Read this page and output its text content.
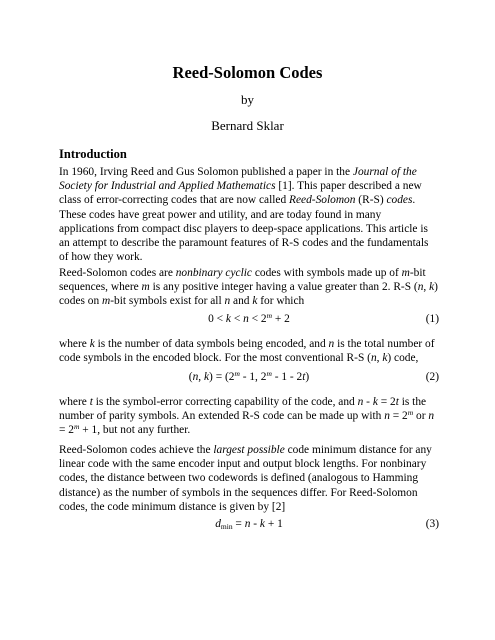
Reed-Solomon Codes
by
Bernard Sklar
Introduction
In 1960, Irving Reed and Gus Solomon published a paper in the Journal of the Society for Industrial and Applied Mathematics [1]. This paper described a new class of error-correcting codes that are now called Reed-Solomon (R-S) codes. These codes have great power and utility, and are today found in many applications from compact disc players to deep-space applications. This article is an attempt to describe the paramount features of R-S codes and the fundamentals of how they work.
Reed-Solomon codes are nonbinary cyclic codes with symbols made up of m-bit sequences, where m is any positive integer having a value greater than 2. R-S (n, k) codes on m-bit symbols exist for all n and k for which
$0 < k < n < 2^m + 2$	(1)
where k is the number of data symbols being encoded, and n is the total number of code symbols in the encoded block. For the most conventional R-S (n, k) code,
(n, $k) = (2^m - 1$, 2$^m$ - 1 - 2t)	(2)
where t is the symbol-error correcting capability of the code, and n - k = 2t is the number of parity symbols. An extended R-S code can be made up with $n = 2^m$ or $n = 2^m + 1$, but not any further.
Reed-Solomon codes achieve the largest possible code minimum distance for any linear code with the same encoder input and output block lengths. For nonbinary codes, the distance between two codewords is defined (analogous to Hamming distance) as the number of symbols in the sequences differ. For Reed-Solomon codes, the code minimum distance is given by [2]
$d_{min} = n - k + 1$	(3)
